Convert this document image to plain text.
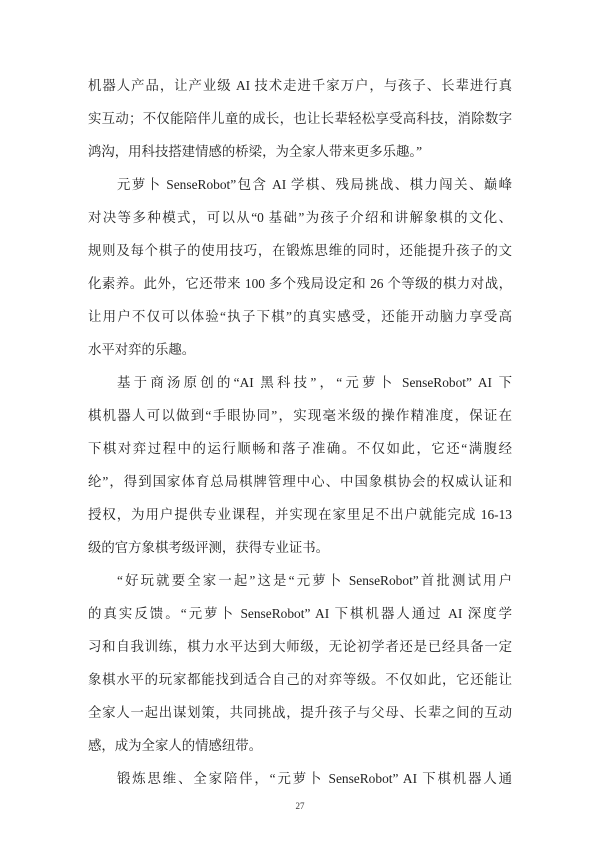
机器人产品，让产业级 AI 技术走进千家万户，与孩子、长辈进行真
实互动；不仅能陪伴儿童的成长，也让长辈轻松享受高科技，消除数字
鸿沟，用科技搭建情感的桥梁，为全家人带来更多乐趣。”
元萝卜 SenseRobot”包含 AI 学棋、残局挑战、棋力闯关、巅峰
对决等多种模式，可以从“0 基础”为孩子介绍和讲解象棋的文化、
规则及每个棋子的使用技巧，在锻炼思维的同时，还能提升孩子的文
化素养。此外，它还带来 100 多个残局设定和 26 个等级的棋力对战，
让用户不仅可以体验“执子下棋”的真实感受，还能开动脑力享受高
水平对弈的乐趣。
基于商汤原创的“AI 黑科技”，“元萝卜 SenseRobot” AI 下
棋机器人可以做到“手眼协同”，实现毫米级的操作精准度，保证在
下棋对弈过程中的运行顺畅和落子准确。不仅如此，它还“满腹经
纶”，得到国家体育总局棋牌管理中心、中国象棋协会的权威认证和
授权，为用户提供专业课程，并实现在家里足不出户就能完成 16-13
级的官方象棋考级评测，获得专业证书。
“好玩就要全家一起”这是“元萝卜 SenseRobot”首批测试用户
的真实反馈。“元萝卜 SenseRobot” AI 下棋机器人通过 AI 深度学
习和自我训练，棋力水平达到大师级，无论初学者还是已经具备一定
象棋水平的玩家都能找到适合自己的对弈等级。不仅如此，它还能让
全家人一起出谋划策，共同挑战，提升孩子与父母、长辈之间的互动
感，成为全家人的情感纽带。
锻炼思维、全家陪伴，“元萝卜 SenseRobot” AI 下棋机器人通
27
